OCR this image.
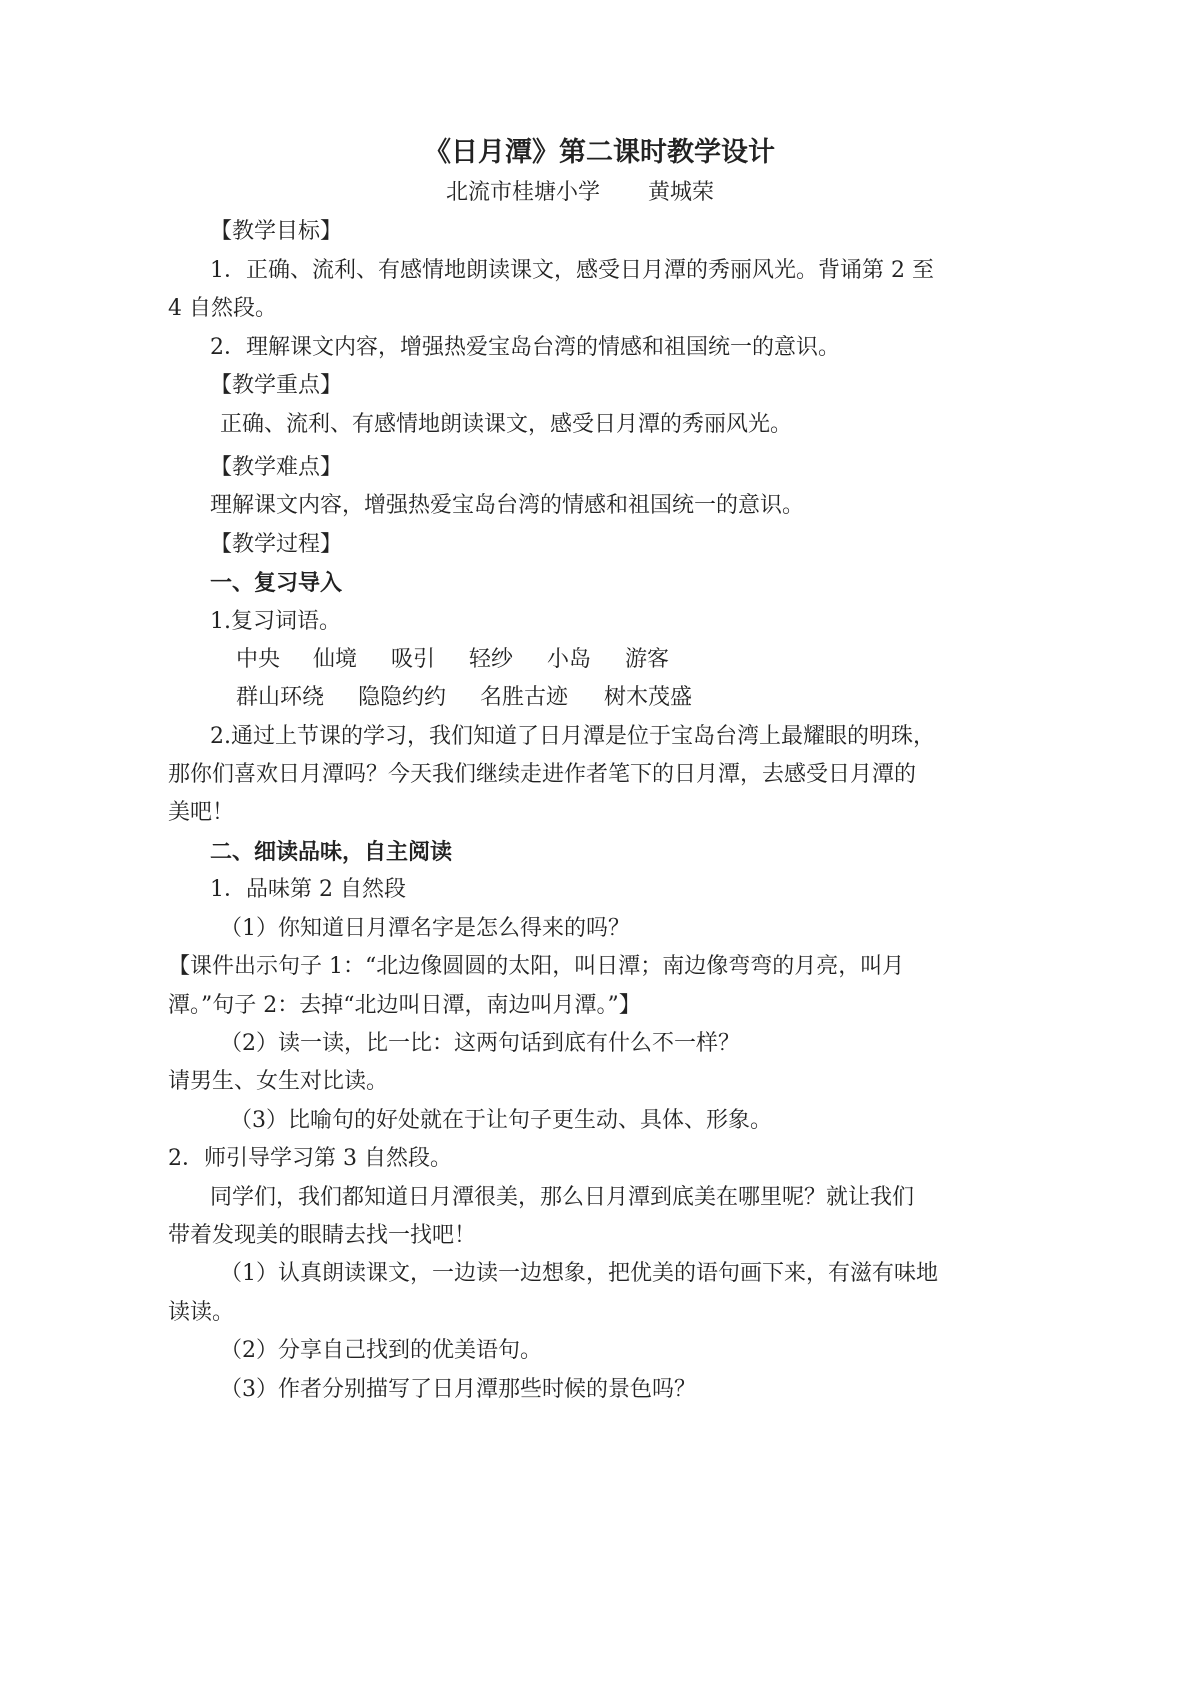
《日月潭》第二课时教学设计
北流市桂塘小学 黄城荣
【教学目标】
1．正确、流利、有感情地朗读课文，感受日月潭的秀丽风光。背诵第 2 至
4 自然段。
2．理解课文内容，增强热爱宝岛台湾的情感和祖国统一的意识。
【教学重点】
正确、流利、有感情地朗读课文，感受日月潭的秀丽风光。
【教学难点】
理解课文内容，增强热爱宝岛台湾的情感和祖国统一的意识。
【教学过程】
一、复习导入
1.复习词语。
中央 仙境 吸引 轻纱 小岛 游客
群山环绕 隐隐约约 名胜古迹 树木茂盛
2.通过上节课的学习，我们知道了日月潭是位于宝岛台湾上最耀眼的明珠，
那你们喜欢日月潭吗？今天我们继续走进作者笔下的日月潭，去感受日月潭的
美吧！
二、细读品味，自主阅读
1．品味第 2 自然段
（1）你知道日月潭名字是怎么得来的吗？
【课件出示句子 1：“北边像圆圆的太阳，叫日潭；南边像弯弯的月亮，叫月
潭。”句子 2：去掉“北边叫日潭，南边叫月潭。”】
（2）读一读，比一比：这两句话到底有什么不一样？
请男生、女生对比读。
（3）比喻句的好处就在于让句子更生动、具体、形象。
2．师引导学习第 3 自然段。
同学们，我们都知道日月潭很美，那么日月潭到底美在哪里呢？就让我们
带着发现美的眼睛去找一找吧！
（1）认真朗读课文，一边读一边想象，把优美的语句画下来，有滋有味地
读读。
（2）分享自己找到的优美语句。
（3）作者分别描写了日月潭那些时候的景色吗？
